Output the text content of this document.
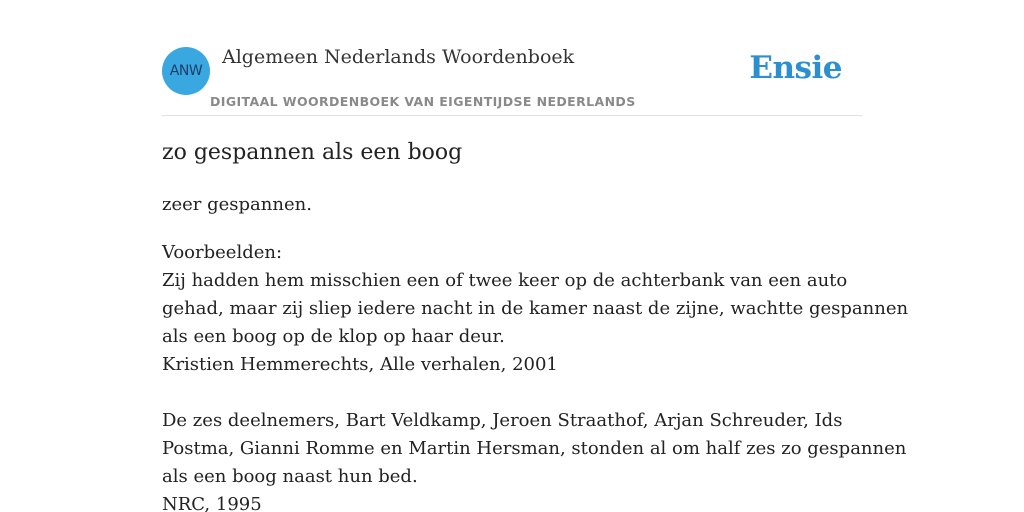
ANW
Algemeen Nederlands Woordenboek
DIGITAAL WOORDENBOEK VAN EIGENTIJDSE NEDERLANDS
Ensie
zo gespannen als een boog
zeer gespannen.
Voorbeelden:
Zij hadden hem misschien een of twee keer op de achterbank van een auto
gehad, maar zij sliep iedere nacht in de kamer naast de zijne, wachtte gespannen
als een boog op de klop op haar deur.
Kristien Hemmerechts, Alle verhalen, 2001
De zes deelnemers, Bart Veldkamp, Jeroen Straathof, Arjan Schreuder, Ids
Postma, Gianni Romme en Martin Hersman, stonden al om half zes zo gespannen
als een boog naast hun bed.
NRC, 1995
